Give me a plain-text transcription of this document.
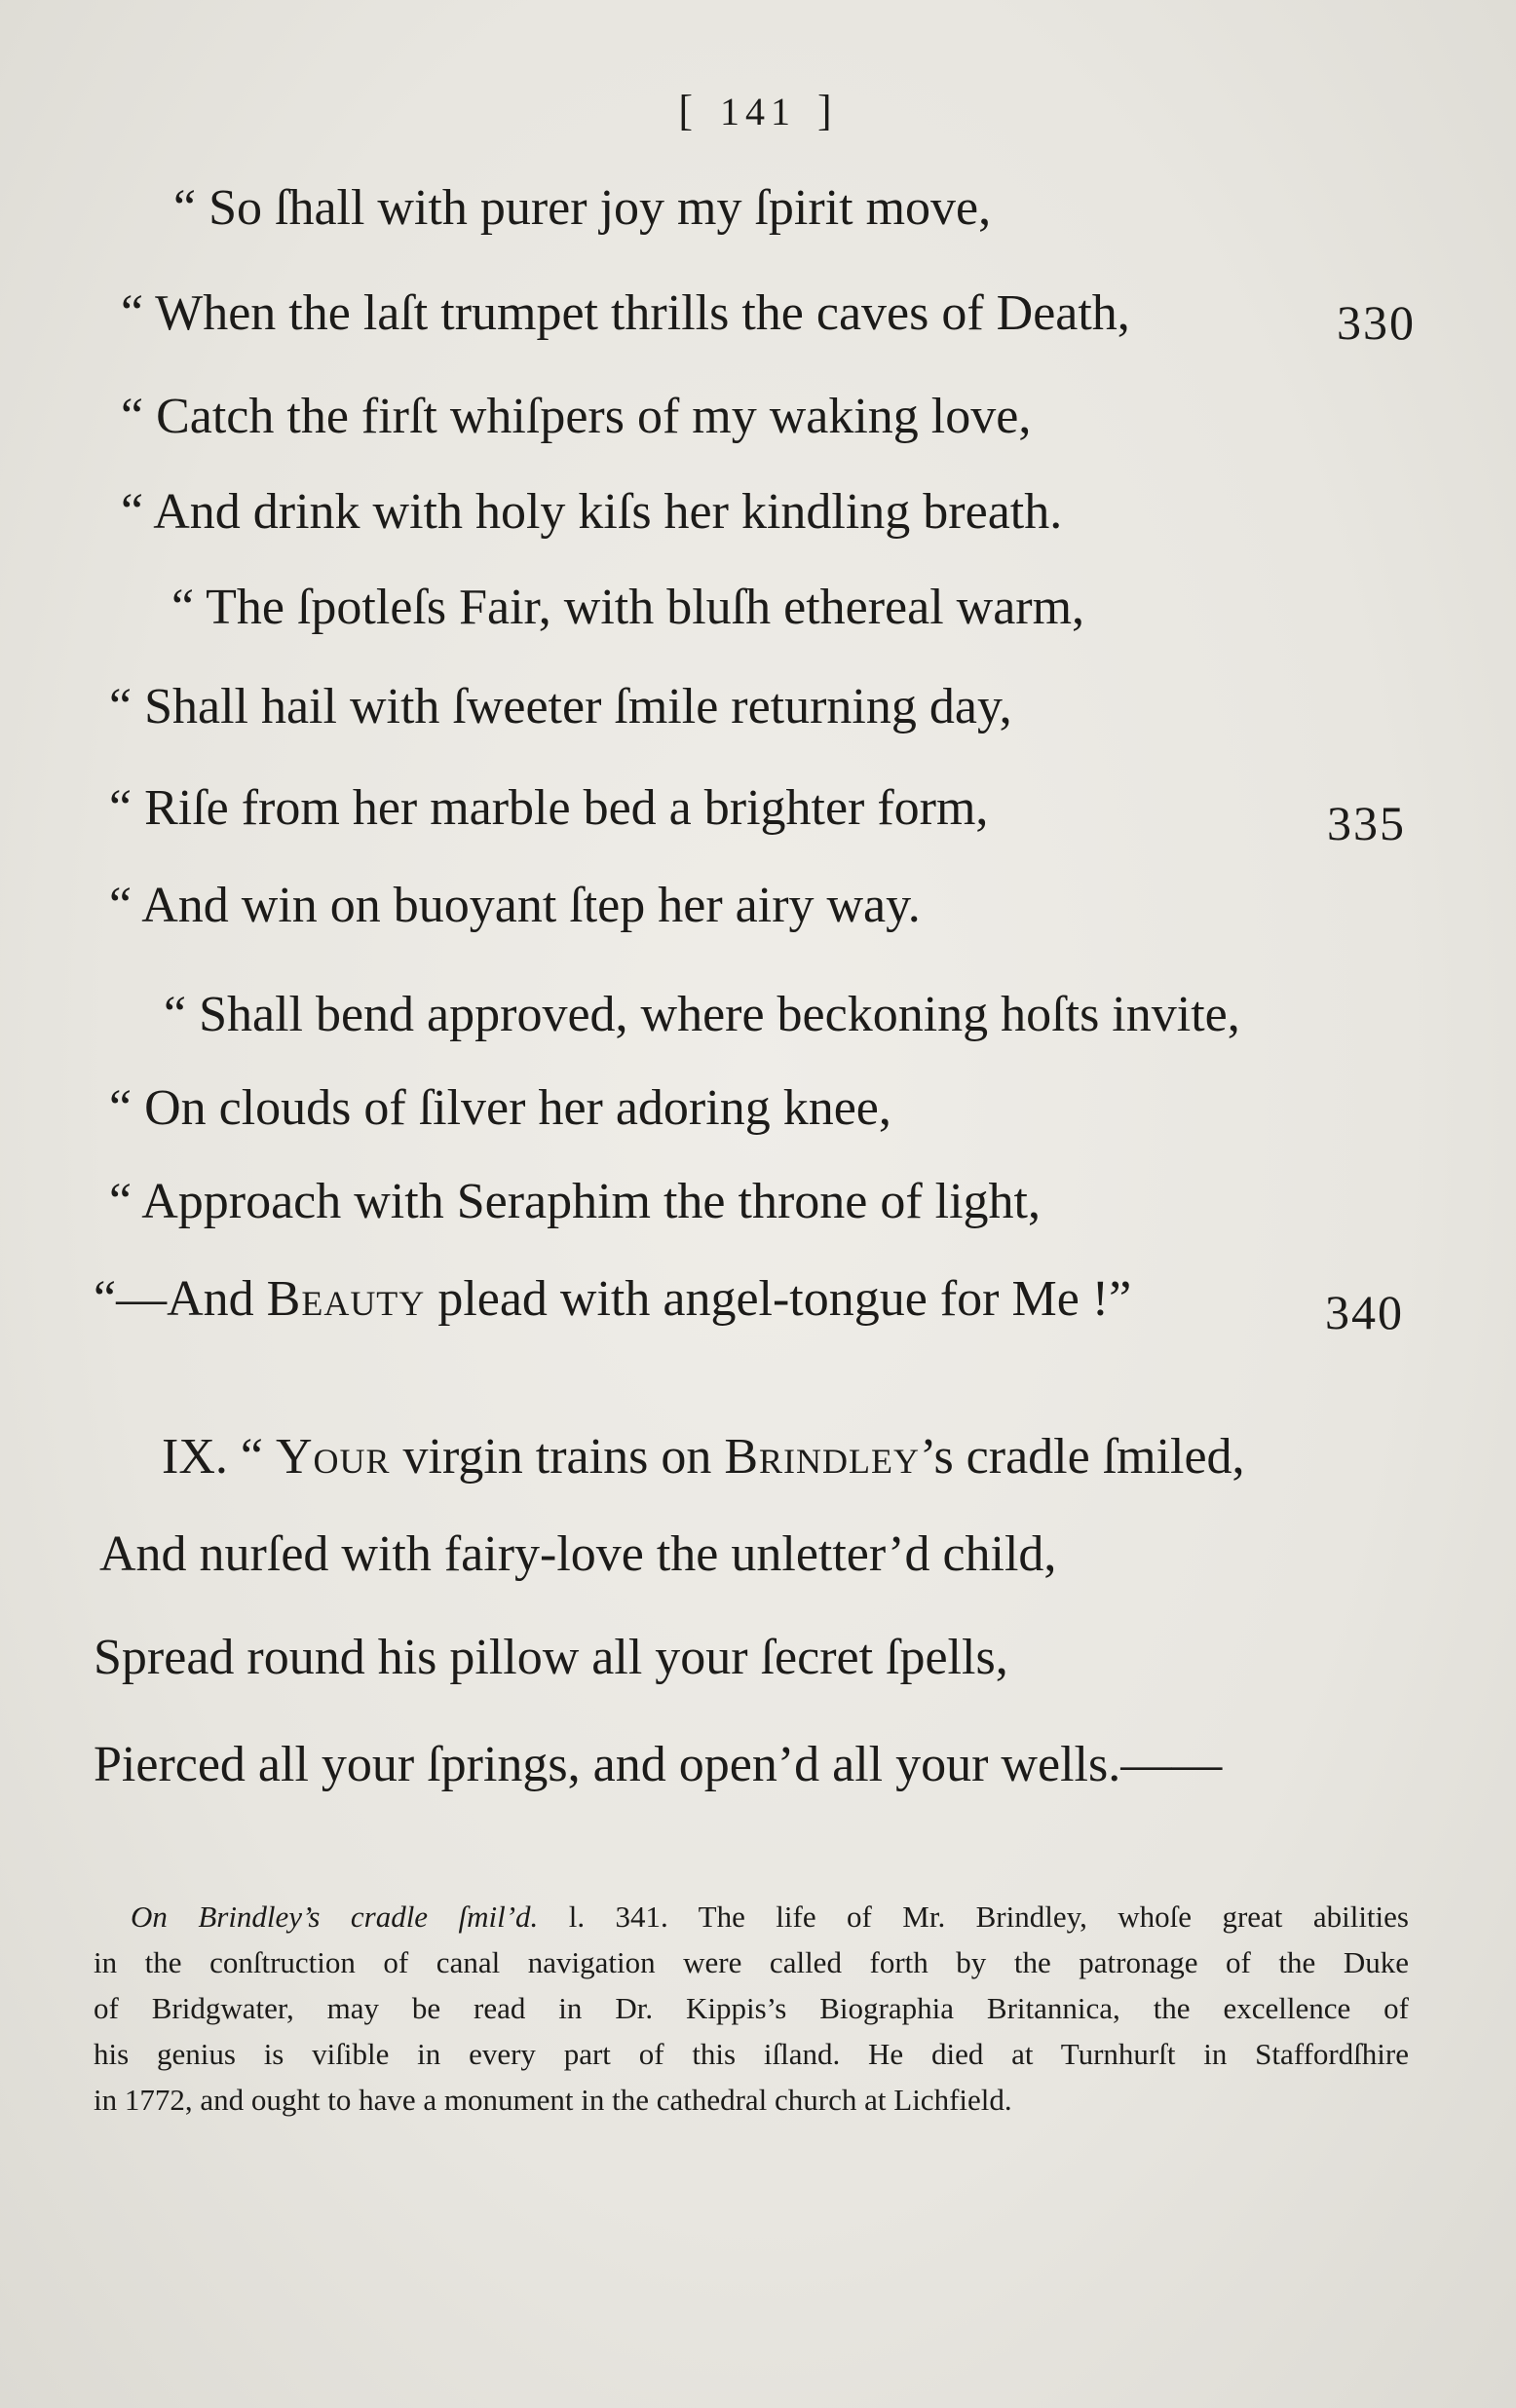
[ 141 ]
“ So ſhall with purer joy my ſpirit move,
“ When the laſt trumpet thrills the caves of Death,	330
“ Catch the firſt whiſpers of my waking love,
“ And drink with holy kiſs her kindling breath.
“ The ſpotleſs Fair, with bluſh ethereal warm,
“ Shall hail with ſweeter ſmile returning day,
“ Riſe from her marble bed a brighter form,	335
“ And win on buoyant ſtep her airy way.
“ Shall bend approved, where beckoning hoſts invite,
“ On clouds of ſilver her adoring knee,
“ Approach with Seraphim the throne of light,
“—And Beauty plead with angel-tongue for Me !”	340
IX. “ Your virgin trains on Brindley’s cradle ſmiled,
And nurſed with fairy-love the unletter’d child,
Spread round his pillow all your ſecret ſpells,
Pierced all your ſprings, and open’d all your wells.——
On Brindley’s cradle ſmil’d. l. 341. The life of Mr. Brindley, whoſe great abilities
in the conſtruction of canal navigation were called forth by the patronage of the Duke
of Bridgwater, may be read in Dr. Kippis’s Biographia Britannica, the excellence of
his genius is viſible in every part of this iſland. He died at Turnhurſt in Staffordſhire
in 1772, and ought to have a monument in the cathedral church at Lichfield.
